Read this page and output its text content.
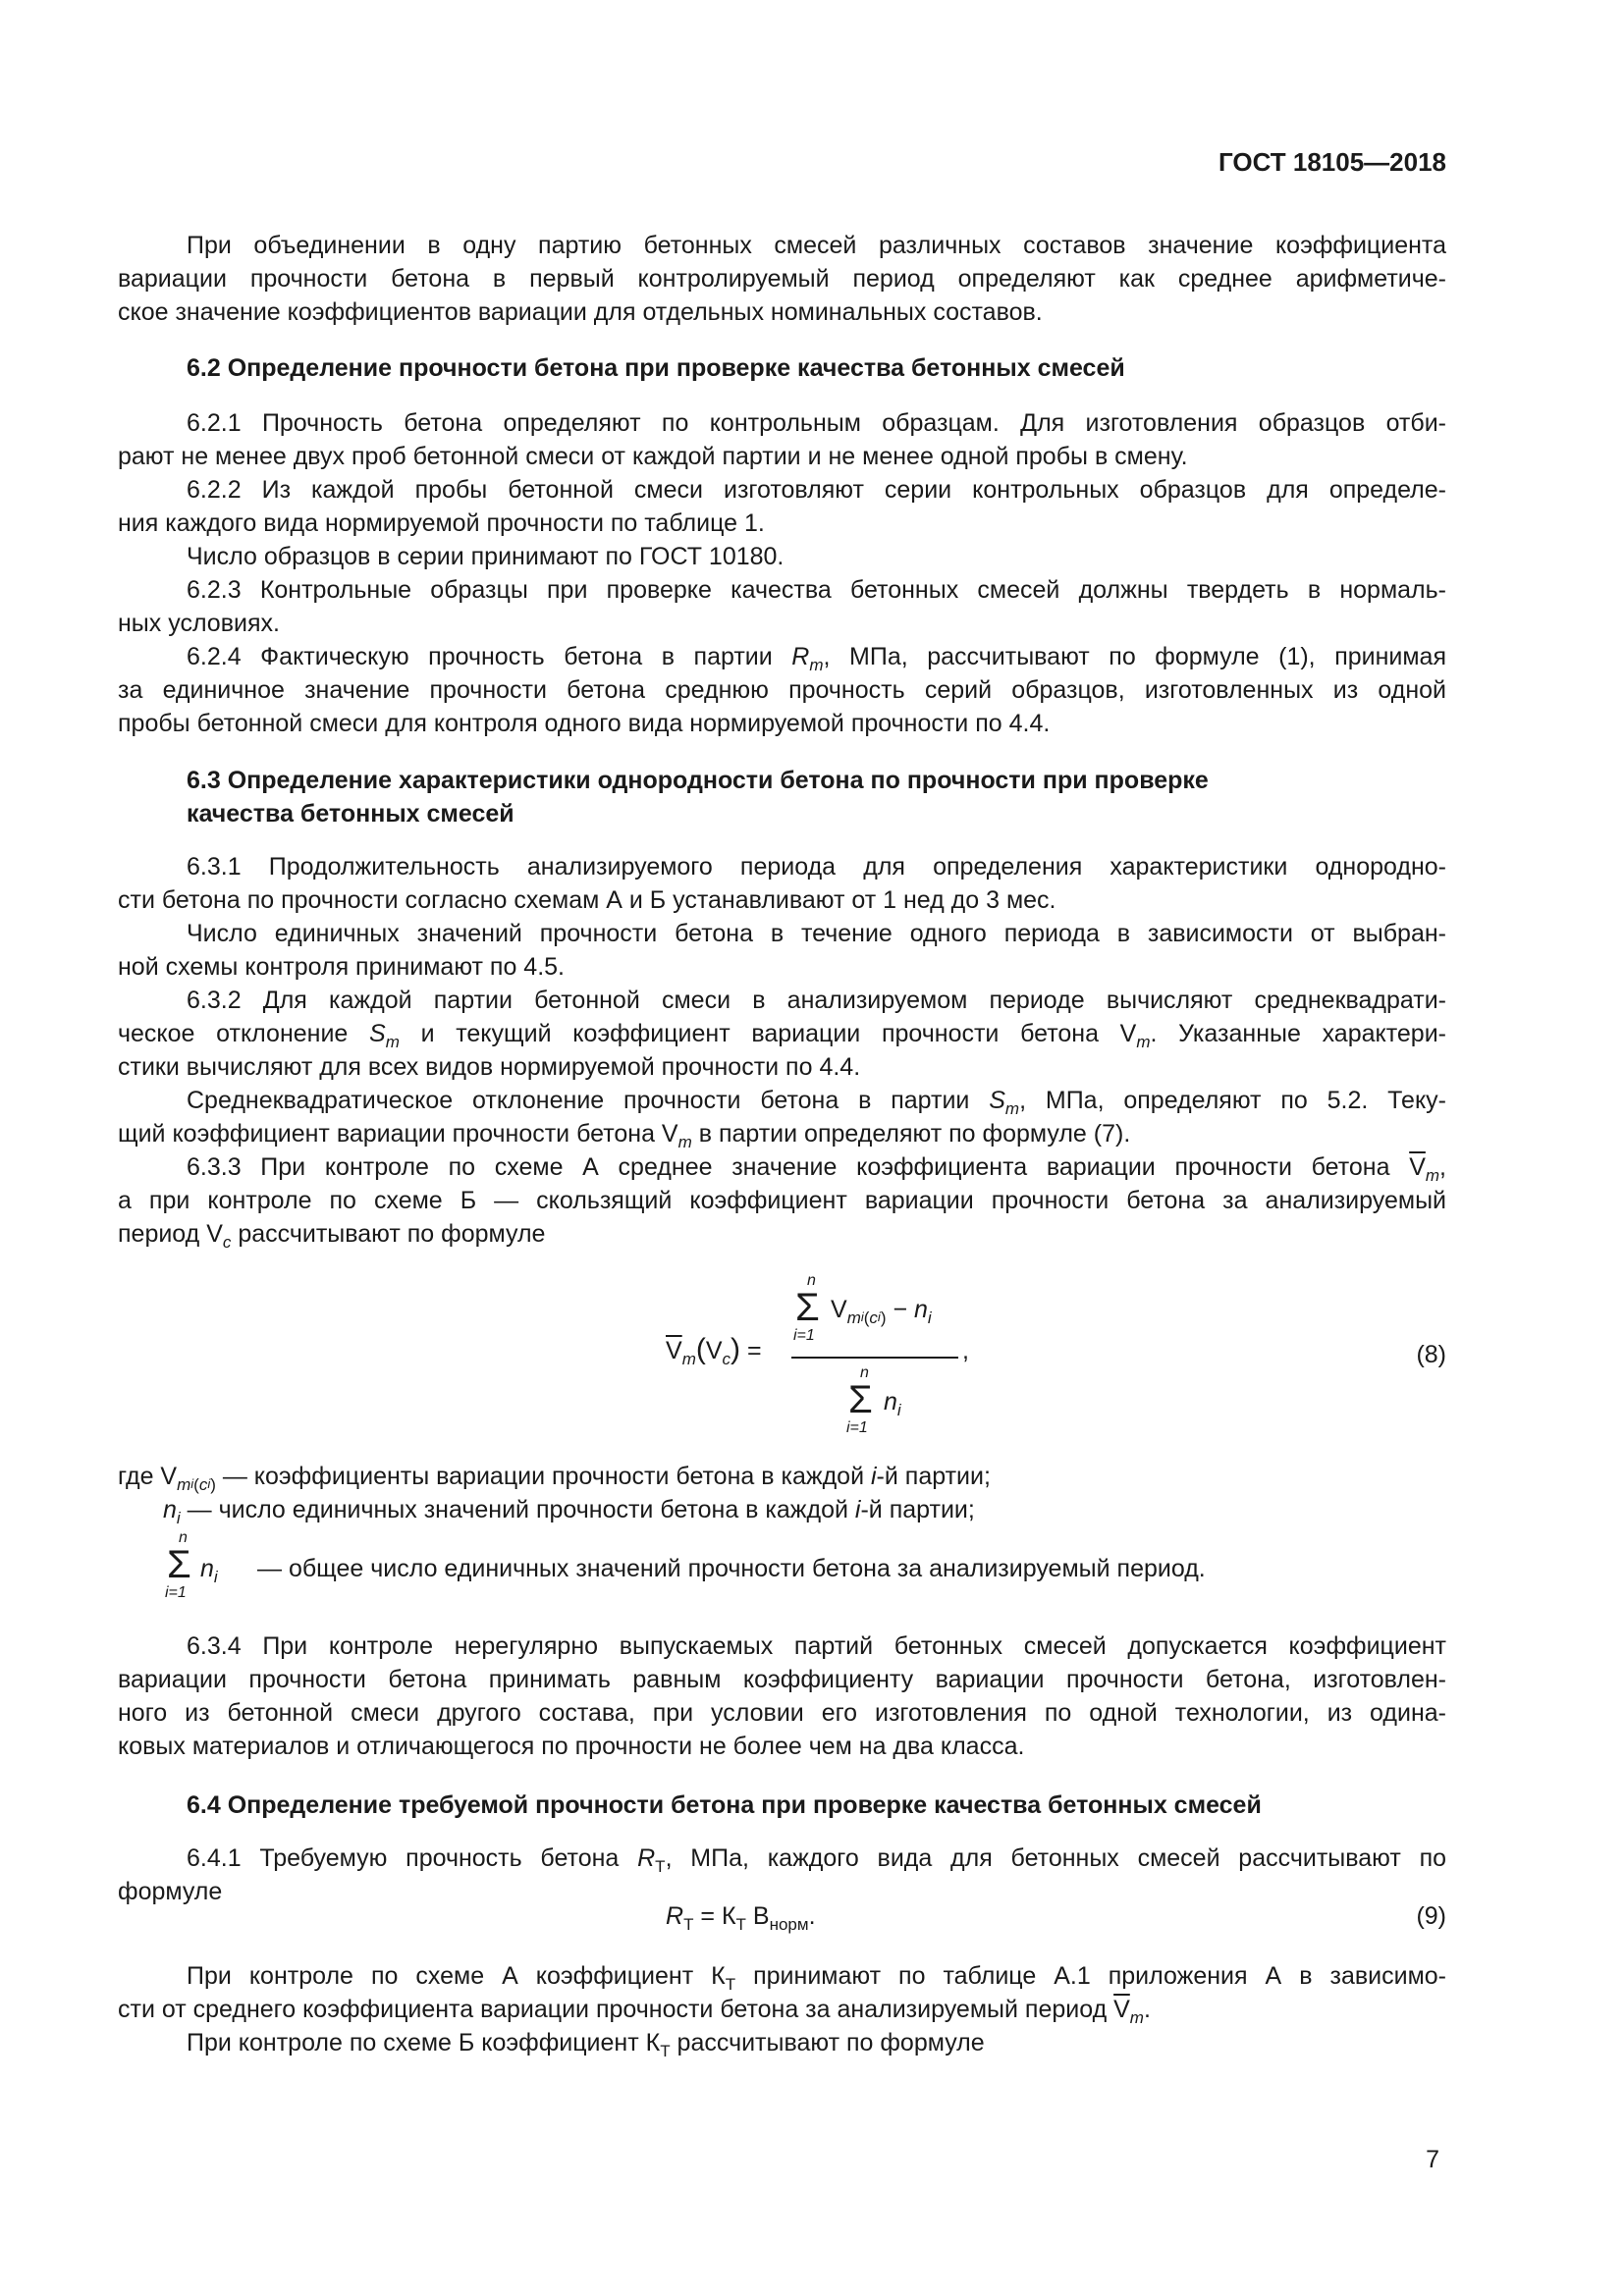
ГОСТ 18105—2018
При объединении в одну партию бетонных смесей различных составов значение коэффициента
вариации прочности бетона в первый контролируемый период определяют как среднее арифметиче-
ское значение коэффициентов вариации для отдельных номинальных составов.
6.2 Определение прочности бетона при проверке качества бетонных смесей
6.2.1 Прочность бетона определяют по контрольным образцам. Для изготовления образцов отби-
рают не менее двух проб бетонной смеси от каждой партии и не менее одной пробы в смену.
6.2.2 Из каждой пробы бетонной смеси изготовляют серии контрольных образцов для определе-
ния каждого вида нормируемой прочности по таблице 1.
Число образцов в серии принимают по ГОСТ 10180.
6.2.3 Контрольные образцы при проверке качества бетонных смесей должны твердеть в нормаль-
ных условиях.
6.2.4 Фактическую прочность бетона в партии $R_m$, МПа, рассчитывают по формуле (1), принимая
за единичное значение прочности бетона среднюю прочность серий образцов, изготовленных из одной
пробы бетонной смеси для контроля одного вида нормируемой прочности по 4.4.
6.3 Определение характеристики однородности бетона по прочности при проверке
качества бетонных смесей
6.3.1 Продолжительность анализируемого периода для определения характеристики однородно-
сти бетона по прочности согласно схемам А и Б устанавливают от 1 нед до 3 мес.
Число единичных значений прочности бетона в течение одного периода в зависимости от выбран-
ной схемы контроля принимают по 4.5.
6.3.2 Для каждой партии бетонной смеси в анализируемом периоде вычисляют среднеквадрати-
ческое отклонение $S_m$ и текущий коэффициент вариации прочности бетона $V_m$. Указанные характери-
стики вычисляют для всех видов нормируемой прочности по 4.4.
Среднеквадратическое отклонение прочности бетона в партии $S_m$, МПа, определяют по 5.2. Теку-
щий коэффициент вариации прочности бетона $V_m$ в партии определяют по формуле (7).
6.3.3 При контроле по схеме А среднее значение коэффициента вариации прочности бетона $\overline{V}_m$,
а при контроле по схеме Б — скользящий коэффициент вариации прочности бетона за анализируемый
период $V_c$ рассчитывают по формуле
$\overline{V}_m(V_c)$ =
n
Σ
i=1
$V_mi_{(c}i_) - n_i$
,
n
Σ
i=1
$n_i$
(8)
где $V_mi_{(c}i_)$ — коэффициенты вариации прочности бетона в каждой i-й партии;
$n_i$ — число единичных значений прочности бетона в каждой i-й партии;
n
Σ
i=1
$n_i$ — общее число единичных значений прочности бетона за анализируемый период.
6.3.4 При контроле нерегулярно выпускаемых партий бетонных смесей допускается коэффициент
вариации прочности бетона принимать равным коэффициенту вариации прочности бетона, изготовлен-
ного из бетонной смеси другого состава, при условии его изготовления по одной технологии, из одина-
ковых материалов и отличающегося по прочности не более чем на два класса.
6.4 Определение требуемой прочности бетона при проверке качества бетонных смесей
6.4.1 Требуемую прочность бетона $R_T$, МПа, каждого вида для бетонных смесей рассчитывают по
формуле
$R_T = К_T$ $В_{норм}$.	(9)
При контроле по схеме А коэффициент $К_T$ принимают по таблице А.1 приложения А в зависимо-
сти от среднего коэффициента вариации прочности бетона за анализируемый период $\overline{V}_m$.
При контроле по схеме Б коэффициент $К_T$ рассчитывают по формуле
7
